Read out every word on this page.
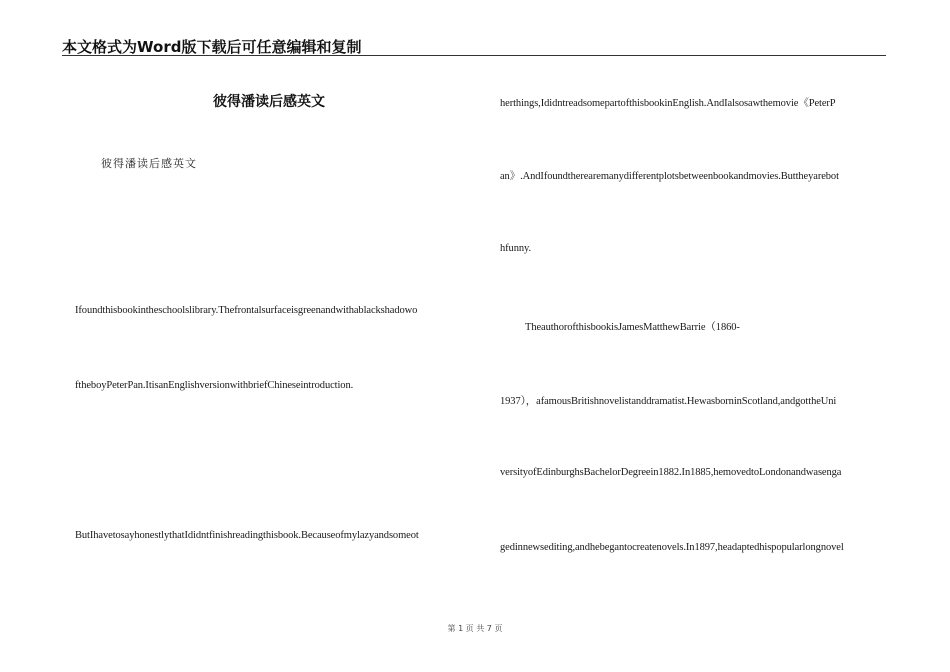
本文格式为Word版下载后可任意编辑和复制
彼得潘读后感英文
彼得潘读后感英文
Ifoundthisbookintheschoolslibrary.Thefrontalsurfaceisgreenandwithablackshadowo
ftheboyPeterPan.ItisanEnglishversionwithbriefChineseintroduction.
ButIhavetosayhonestlythatIdidntfinishreadingthisbook.Becauseofmylazyandsomeot
herthings,IdidntreadsomepartofthisbookinEnglish.AndIalsosawthemovie《PeterP
an》.AndIfoundtherearemanydifferentplotsbetweenbookandmovies.Buttheyarebot
hfunny.
TheauthorofthisbookisJamesMatthewBarrie（1860-
1937），afamousBritishnovelistanddramatist.HewasborninScotland,andgottheUni
versityofEdinburghsBachelorDegreein1882.In1885,hemovedtoLondonandwasenga
gedinnewsediting,andhebegantocreatenovels.In1897,headaptedhispopularlongnovel
第 1 页 共 7 页
